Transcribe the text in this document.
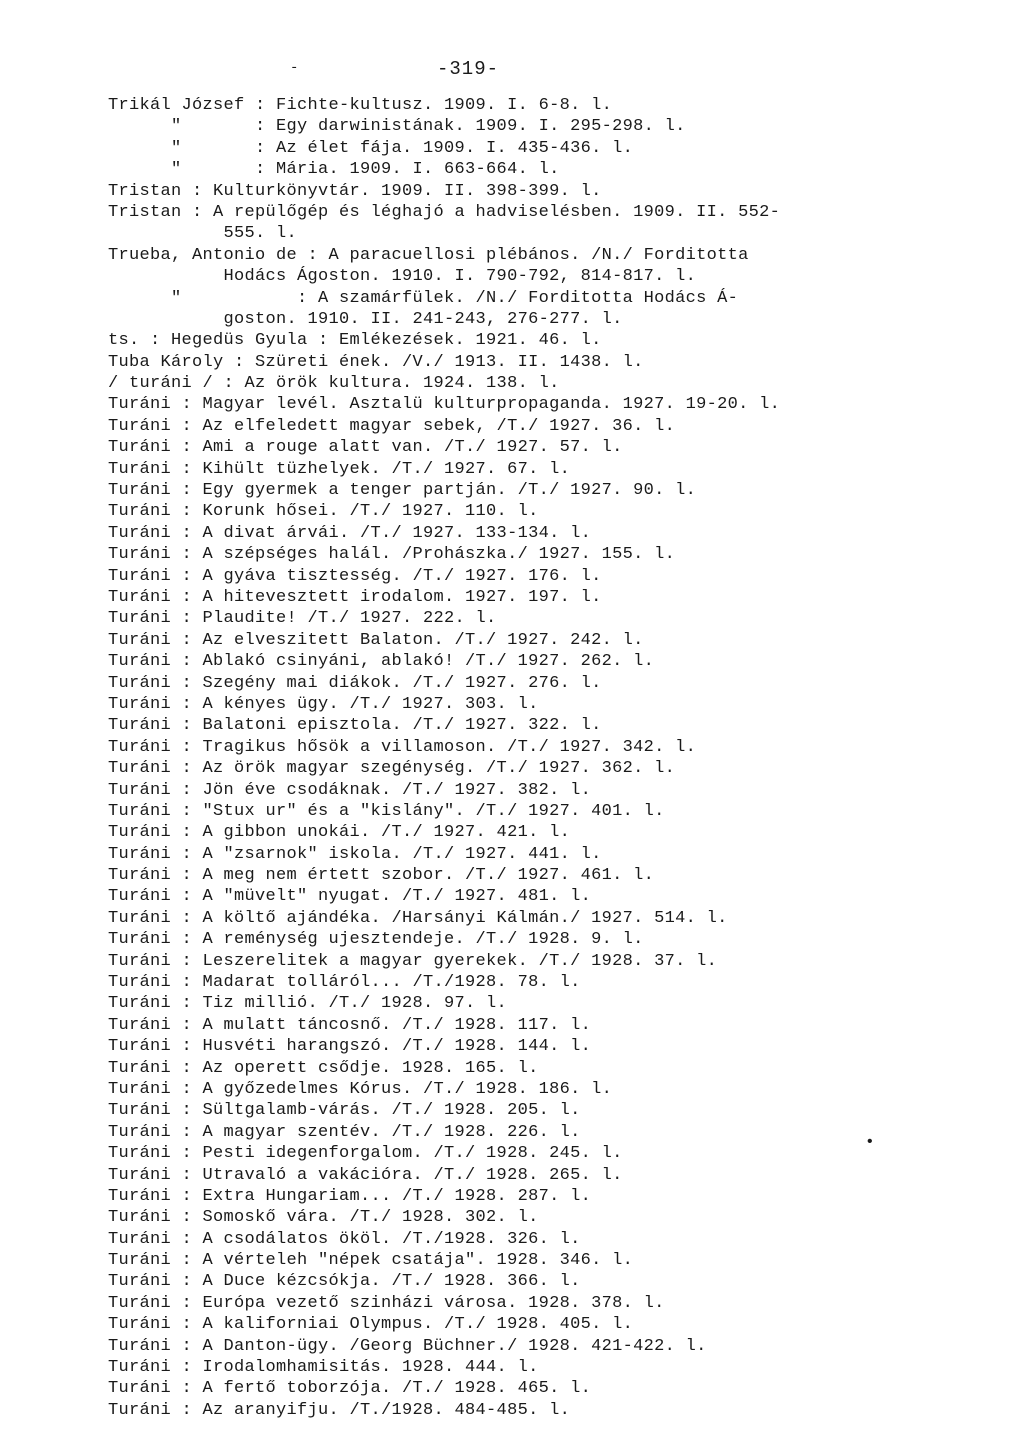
-	-319-
Trikál József : Fichte-kultusz. 1909. I. 6-8. l.
"       : Egy darwinistának. 1909. I. 295-298. l.
"       : Az élet fája. 1909. I. 435-436. l.
"       : Mária. 1909. I. 663-664. l.
Tristan : Kulturkönyvtár. 1909. II. 398-399. l.
Tristan : A repülőgép és léghajó a hadviselésben. 1909. II. 552-
555. l.
Trueba, Antonio de : A paracuellosi plébános. /N./ Forditotta
Hodács Ágoston. 1910. I. 790-792, 814-817. l.
"           : A szamárfülek. /N./ Forditotta Hodács Á-
goston. 1910. II. 241-243, 276-277. l.
ts. : Hegedüs Gyula : Emlékezések. 1921. 46. l.
Tuba Károly : Szüreti ének. /V./ 1913. II. 1438. l.
/ turáni / : Az örök kultura. 1924. 138. l.
Turáni : Magyar levél. Asztalü kulturpropaganda. 1927. 19-20. l.
Turáni : Az elfeledett magyar sebek, /T./ 1927. 36. l.
Turáni : Ami a rouge alatt van. /T./ 1927. 57. l.
Turáni : Kihült tüzhelyek. /T./ 1927. 67. l.
Turáni : Egy gyermek a tenger partján. /T./ 1927. 90. l.
Turáni : Korunk hősei. /T./ 1927. 110. l.
Turáni : A divat árvái. /T./ 1927. 133-134. l.
Turáni : A szépséges halál. /Prohászka./ 1927. 155. l.
Turáni : A gyáva tisztesség. /T./ 1927. 176. l.
Turáni : A hitevesztett irodalom. 1927. 197. l.
Turáni : Plaudite! /T./ 1927. 222. l.
Turáni : Az elveszitett Balaton. /T./ 1927. 242. l.
Turáni : Ablakó csinyáni, ablakó! /T./ 1927. 262. l.
Turáni : Szegény mai diákok. /T./ 1927. 276. l.
Turáni : A kényes ügy. /T./ 1927. 303. l.
Turáni : Balatoni episztola. /T./ 1927. 322. l.
Turáni : Tragikus hősök a villamoson. /T./ 1927. 342. l.
Turáni : Az örök magyar szegénység. /T./ 1927. 362. l.
Turáni : Jön éve csodáknak. /T./ 1927. 382. l.
Turáni : "Stux ur" és a "kislány". /T./ 1927. 401. l.
Turáni : A gibbon unokái. /T./ 1927. 421. l.
Turáni : A "zsarnok" iskola. /T./ 1927. 441. l.
Turáni : A meg nem értett szobor. /T./ 1927. 461. l.
Turáni : A "müvelt" nyugat. /T./ 1927. 481. l.
Turáni : A költő ajándéka. /Harsányi Kálmán./ 1927. 514. l.
Turáni : A reménység ujesztendeje. /T./ 1928. 9. l.
Turáni : Leszerelitek a magyar gyerekek. /T./ 1928. 37. l.
Turáni : Madarat tolláról... /T./1928. 78. l.
Turáni : Tiz millió. /T./ 1928. 97. l.
Turáni : A mulatt táncosnő. /T./ 1928. 117. l.
Turáni : Husvéti harangszó. /T./ 1928. 144. l.
Turáni : Az operett csődje. 1928. 165. l.
Turáni : A győzedelmes Kórus. /T./ 1928. 186. l.
Turáni : Sültgalamb-várás. /T./ 1928. 205. l.
Turáni : A magyar szentév. /T./ 1928. 226. l.
Turáni : Pesti idegenforgalom. /T./ 1928. 245. l.
Turáni : Utravaló a vakációra. /T./ 1928. 265. l.
Turáni : Extra Hungariam... /T./ 1928. 287. l.
Turáni : Somoskő vára. /T./ 1928. 302. l.
Turáni : A csodálatos ököl. /T./1928. 326. l.
Turáni : A vérteleh "népek csatája". 1928. 346. l.
Turáni : A Duce kézcsókja. /T./ 1928. 366. l.
Turáni : Európa vezető szinházi városa. 1928. 378. l.
Turáni : A kaliforniai Olympus. /T./ 1928. 405. l.
Turáni : A Danton-ügy. /Georg Büchner./ 1928. 421-422. l.
Turáni : Irodalomhamisitás. 1928. 444. l.
Turáni : A fertő toborzója. /T./ 1928. 465. l.
Turáni : Az aranyifju. /T./1928. 484-485. l.
•
